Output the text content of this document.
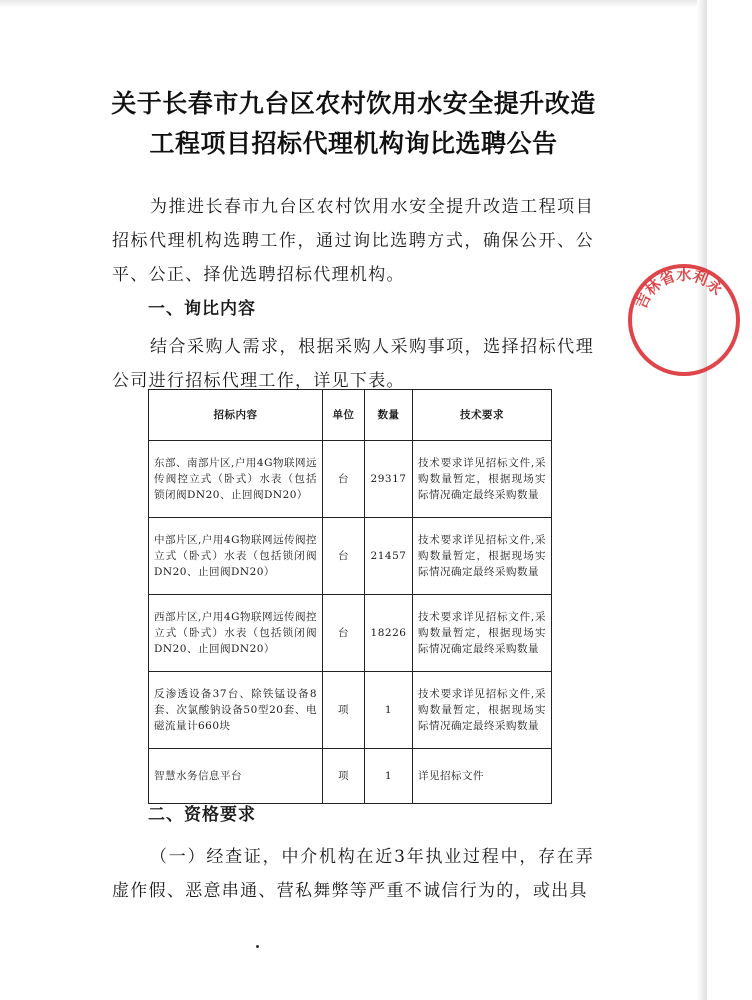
关于长春市九台区农村饮用水安全提升改造
工程项目招标代理机构询比选聘公告
为推进长春市九台区农村饮用水安全提升改造工程项目招标代理机构选聘工作，通过询比选聘方式，确保公开、公平、公正、择优选聘招标代理机构。
一、询比内容
结合采购人需求，根据采购人采购事项，选择招标代理公司进行招标代理工作，详见下表。
招标内容	单位	数量	技术要求
东部、南部片区,户用4G物联网远传阀控立式（卧式）水表（包括锁闭阀DN20、止回阀DN20）	台	29317	技术要求详见招标文件,采购数量暂定，根据现场实际情况确定最终采购数量
中部片区,户用4G物联网远传阀控立式（卧式）水表（包括锁闭阀DN20、止回阀DN20）	台	21457	技术要求详见招标文件,采购数量暂定，根据现场实际情况确定最终采购数量
西部片区,户用4G物联网远传阀控立式（卧式）水表（包括锁闭阀DN20、止回阀DN20）	台	18226	技术要求详见招标文件,采购数量暂定，根据现场实际情况确定最终采购数量
反渗透设备37台、除铁锰设备8套、次氯酸钠设备50型20套、电磁流量计660块	项	1	技术要求详见招标文件,采购数量暂定，根据现场实际情况确定最终采购数量
智慧水务信息平台	项	1	详见招标文件
二、资格要求
（一）经查证，中介机构在近3年执业过程中，存在弄虚作假、恶意串通、营私舞弊等严重不诚信行为的，或出具
吉林省水利永
